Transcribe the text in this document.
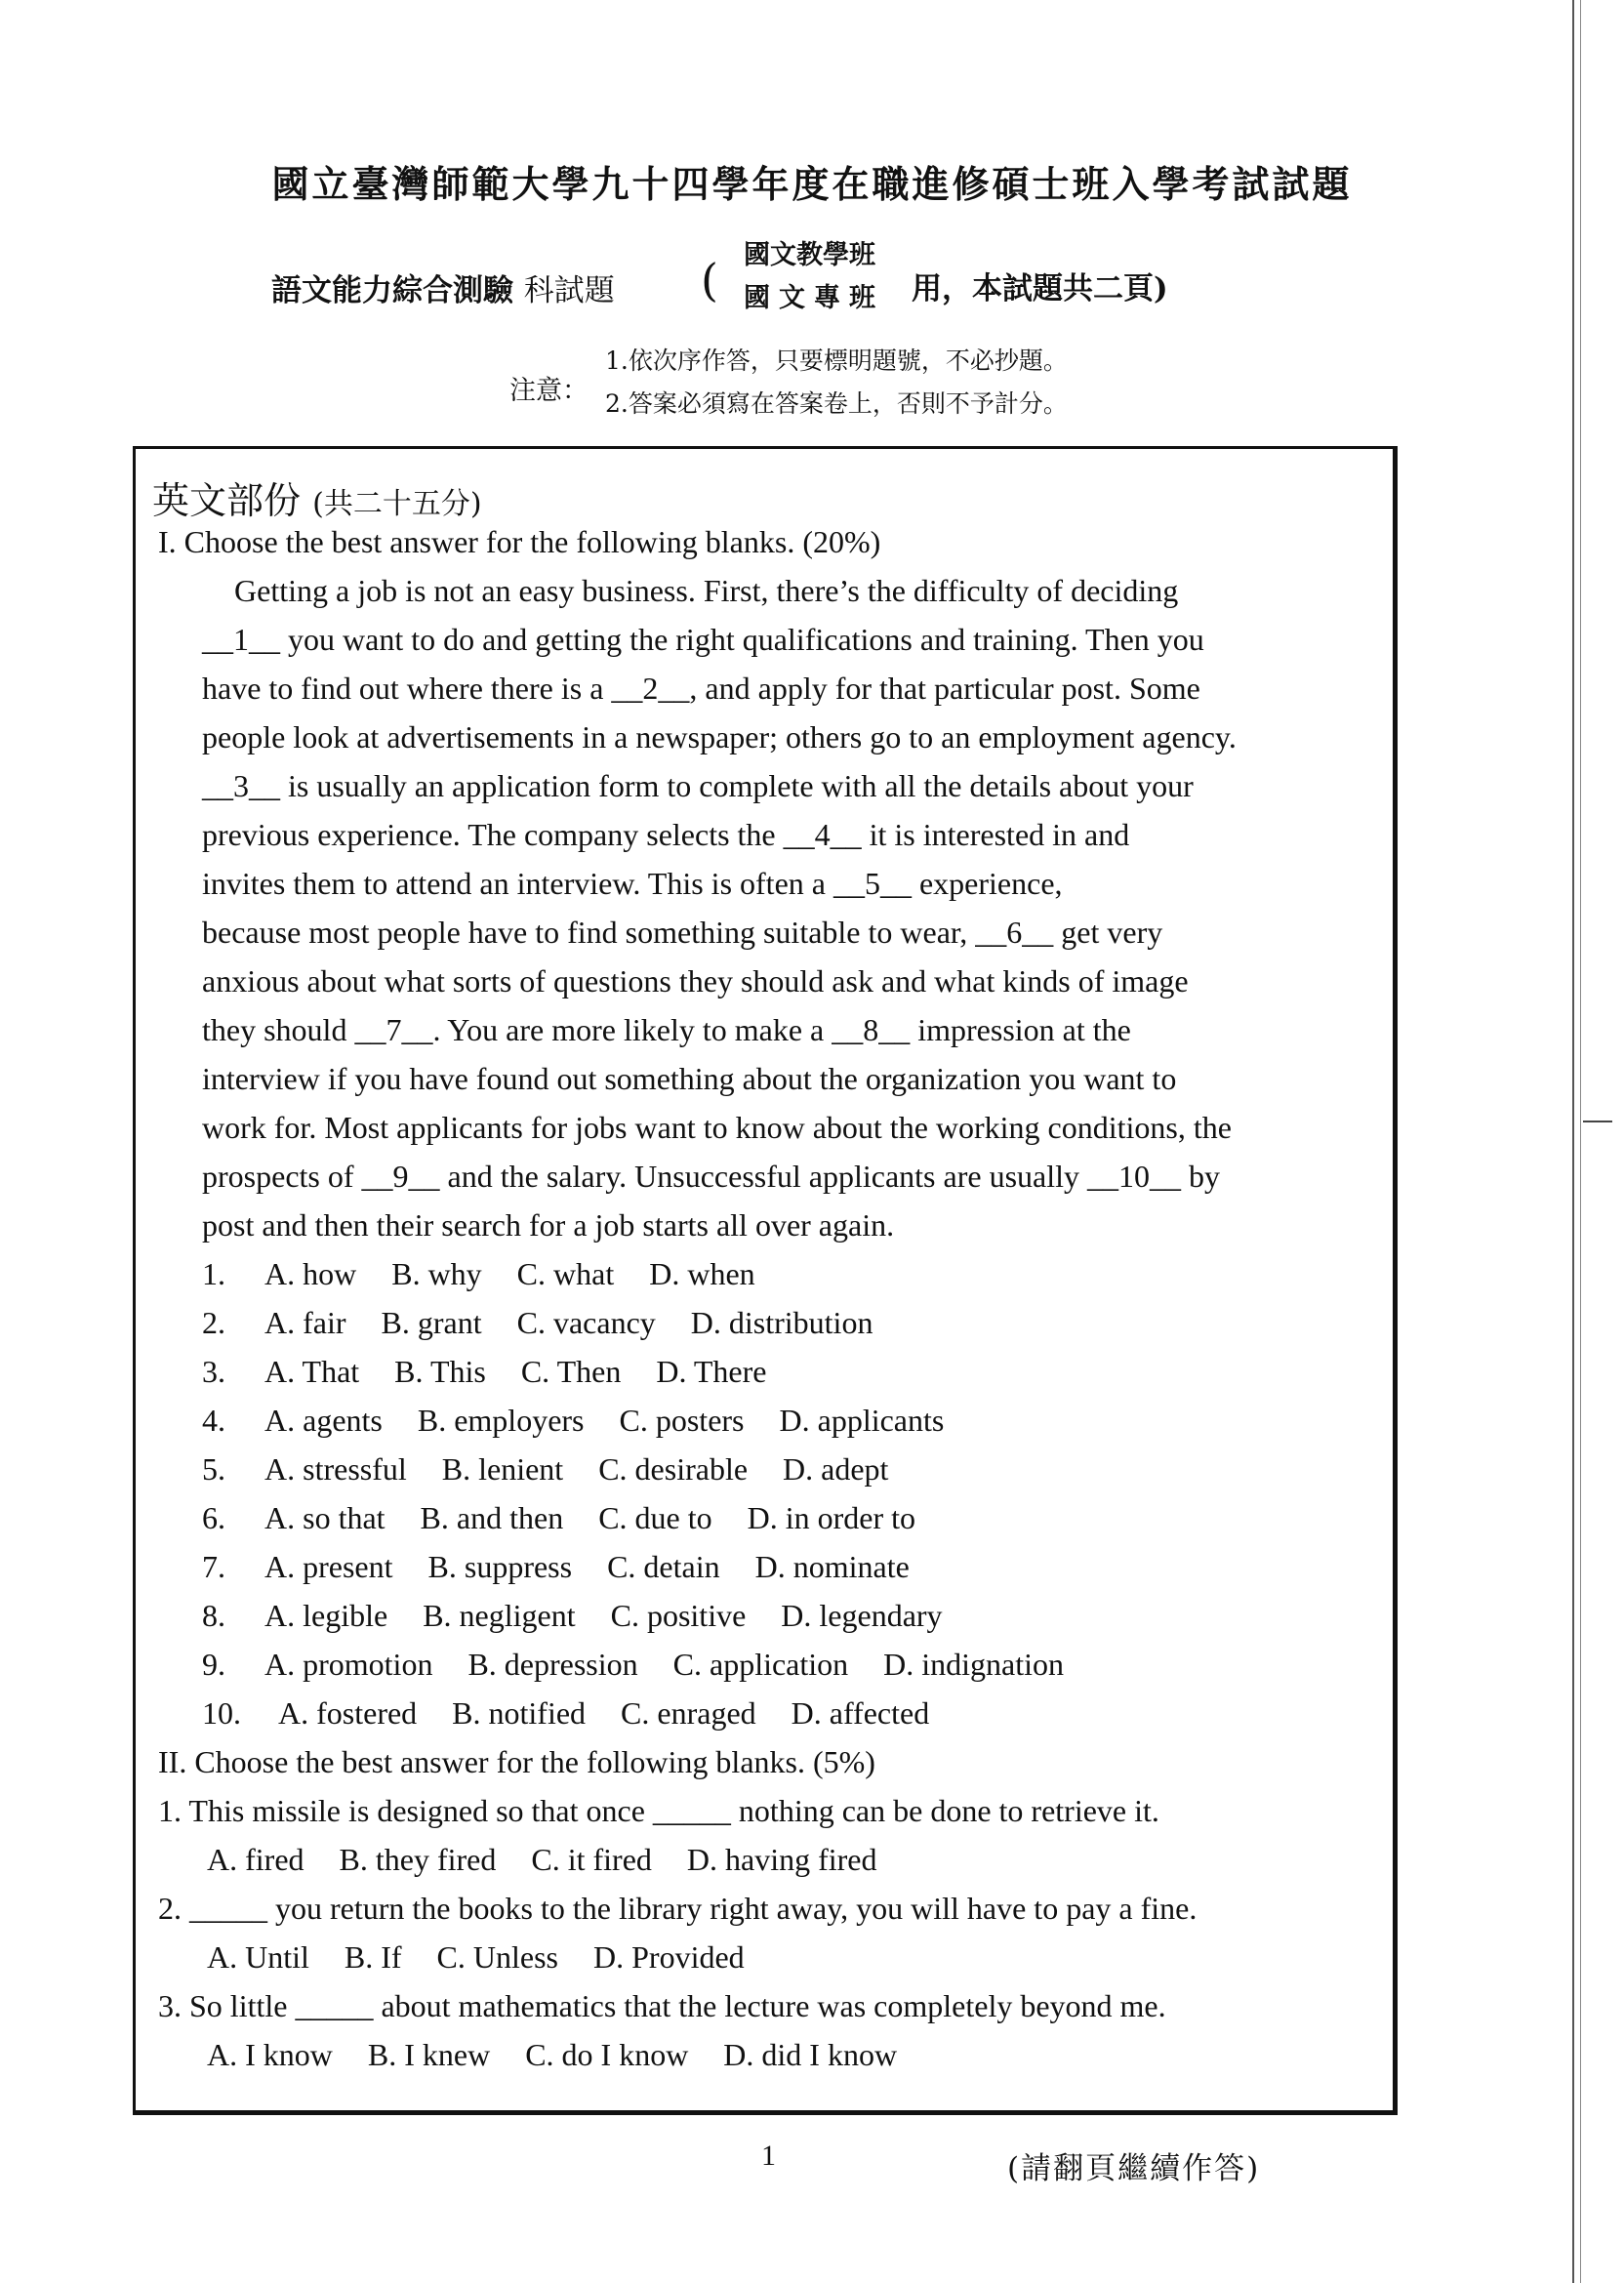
國立臺灣師範大學九十四學年度在職進修碩士班入學考試試題
語文能力綜合測驗 科試題 ( 國文教學班
國文專班 用，本試題共二頁)
注意：
1.依次序作答，只要標明題號，不必抄題。
2.答案必須寫在答案卷上，否則不予計分。
英文部份 (共二十五分)
I. Choose the best answer for the following blanks. (20%)
Getting a job is not an easy business. First, there’s the difficulty of deciding
__1__ you want to do and getting the right qualifications and training. Then you
have to find out where there is a __2__, and apply for that particular post. Some
people look at advertisements in a newspaper; others go to an employment agency.
__3__ is usually an application form to complete with all the details about your
previous experience. The company selects the __4__ it is interested in and
invites them to attend an interview. This is often a __5__ experience,
because most people have to find something suitable to wear, __6__ get very
anxious about what sorts of questions they should ask and what kinds of image
they should __7__. You are more likely to make a __8__ impression at the
interview if you have found out something about the organization you want to
work for. Most applicants for jobs want to know about the working conditions, the
prospects of __9__ and the salary. Unsuccessful applicants are usually __10__ by
post and then their search for a job starts all over again.
1. A. how B. why C. what D. when
2. A. fair B. grant C. vacancy D. distribution
3. A. That B. This C. Then D. There
4. A. agents B. employers C. posters D. applicants
5. A. stressful B. lenient C. desirable D. adept
6. A. so that B. and then C. due to D. in order to
7. A. present B. suppress C. detain D. nominate
8. A. legible B. negligent C. positive D. legendary
9. A. promotion B. depression C. application D. indignation
10. A. fostered B. notified C. enraged D. affected
II. Choose the best answer for the following blanks. (5%)
1. This missile is designed so that once _____ nothing can be done to retrieve it.
A. fired B. they fired C. it fired D. having fired
2. _____ you return the books to the library right away, you will have to pay a fine.
A. Until B. If C. Unless D. Provided
3. So little _____ about mathematics that the lecture was completely beyond me.
A. I know B. I knew C. do I know D. did I know
1	(請翻頁繼續作答)
